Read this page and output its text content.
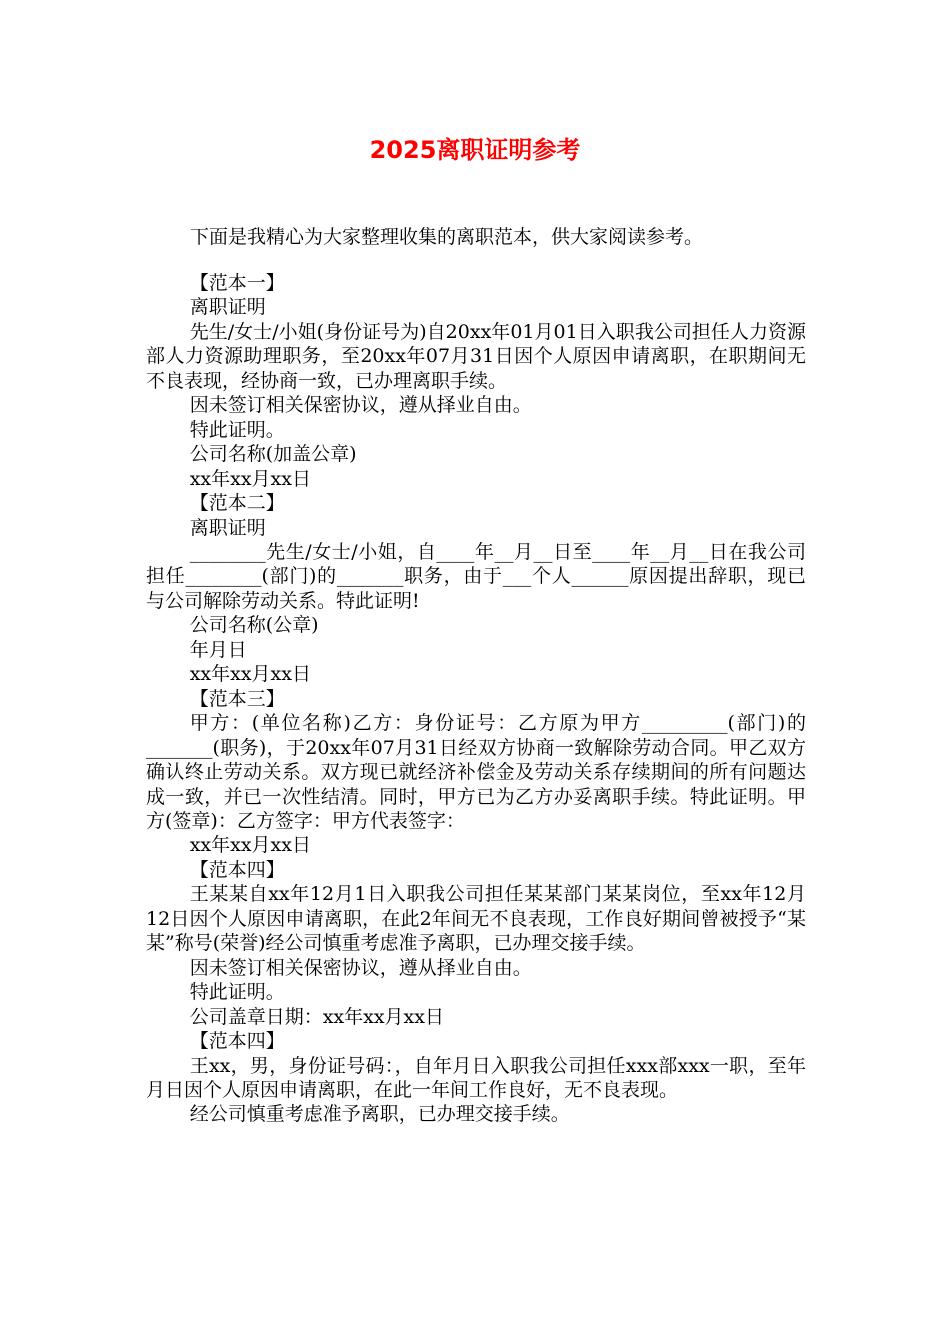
2025离职证明参考
下面是我精心为大家整理收集的离职范本，供大家阅读参考。

【范本一】

离职证明

先生/女士/小姐(身份证号为)自20xx年01月01日入职我公司担任人力资源部人力资源助理职务，至20xx年07月31日因个人原因申请离职，在职期间无不良表现，经协商一致，已办理离职手续。

因未签订相关保密协议，遵从择业自由。

特此证明。

公司名称(加盖公章)

xx年xx月xx日

【范本二】

离职证明

________先生/女士/小姐，自____年__月__日至____年__月__日在我公司担任________(部门)的_______职务，由于___个人______原因提出辞职，现已与公司解除劳动关系。特此证明!

公司名称(公章)

年月日

xx年xx月xx日

【范本三】

甲方：(单位名称)乙方：身份证号：乙方原为甲方_________(部门)的_______(职务)，于20xx年07月31日经双方协商一致解除劳动合同。甲乙双方确认终止劳动关系。双方现已就经济补偿金及劳动关系存续期间的所有问题达成一致，并已一次性结清。同时，甲方已为乙方办妥离职手续。特此证明。甲方(签章)：乙方签字：甲方代表签字：

xx年xx月xx日

【范本四】

王某某自xx年12月1日入职我公司担任某某部门某某岗位，至xx年12月12日因个人原因申请离职，在此2年间无不良表现，工作良好期间曾被授予“某某”称号(荣誉)经公司慎重考虑准予离职，已办理交接手续。

因未签订相关保密协议，遵从择业自由。

特此证明。

公司盖章日期：xx年xx月xx日

【范本四】

王xx，男，身份证号码：，自年月日入职我公司担任xxx部xxx一职，至年月日因个人原因申请离职，在此一年间工作良好，无不良表现。

经公司慎重考虑准予离职，已办理交接手续。
